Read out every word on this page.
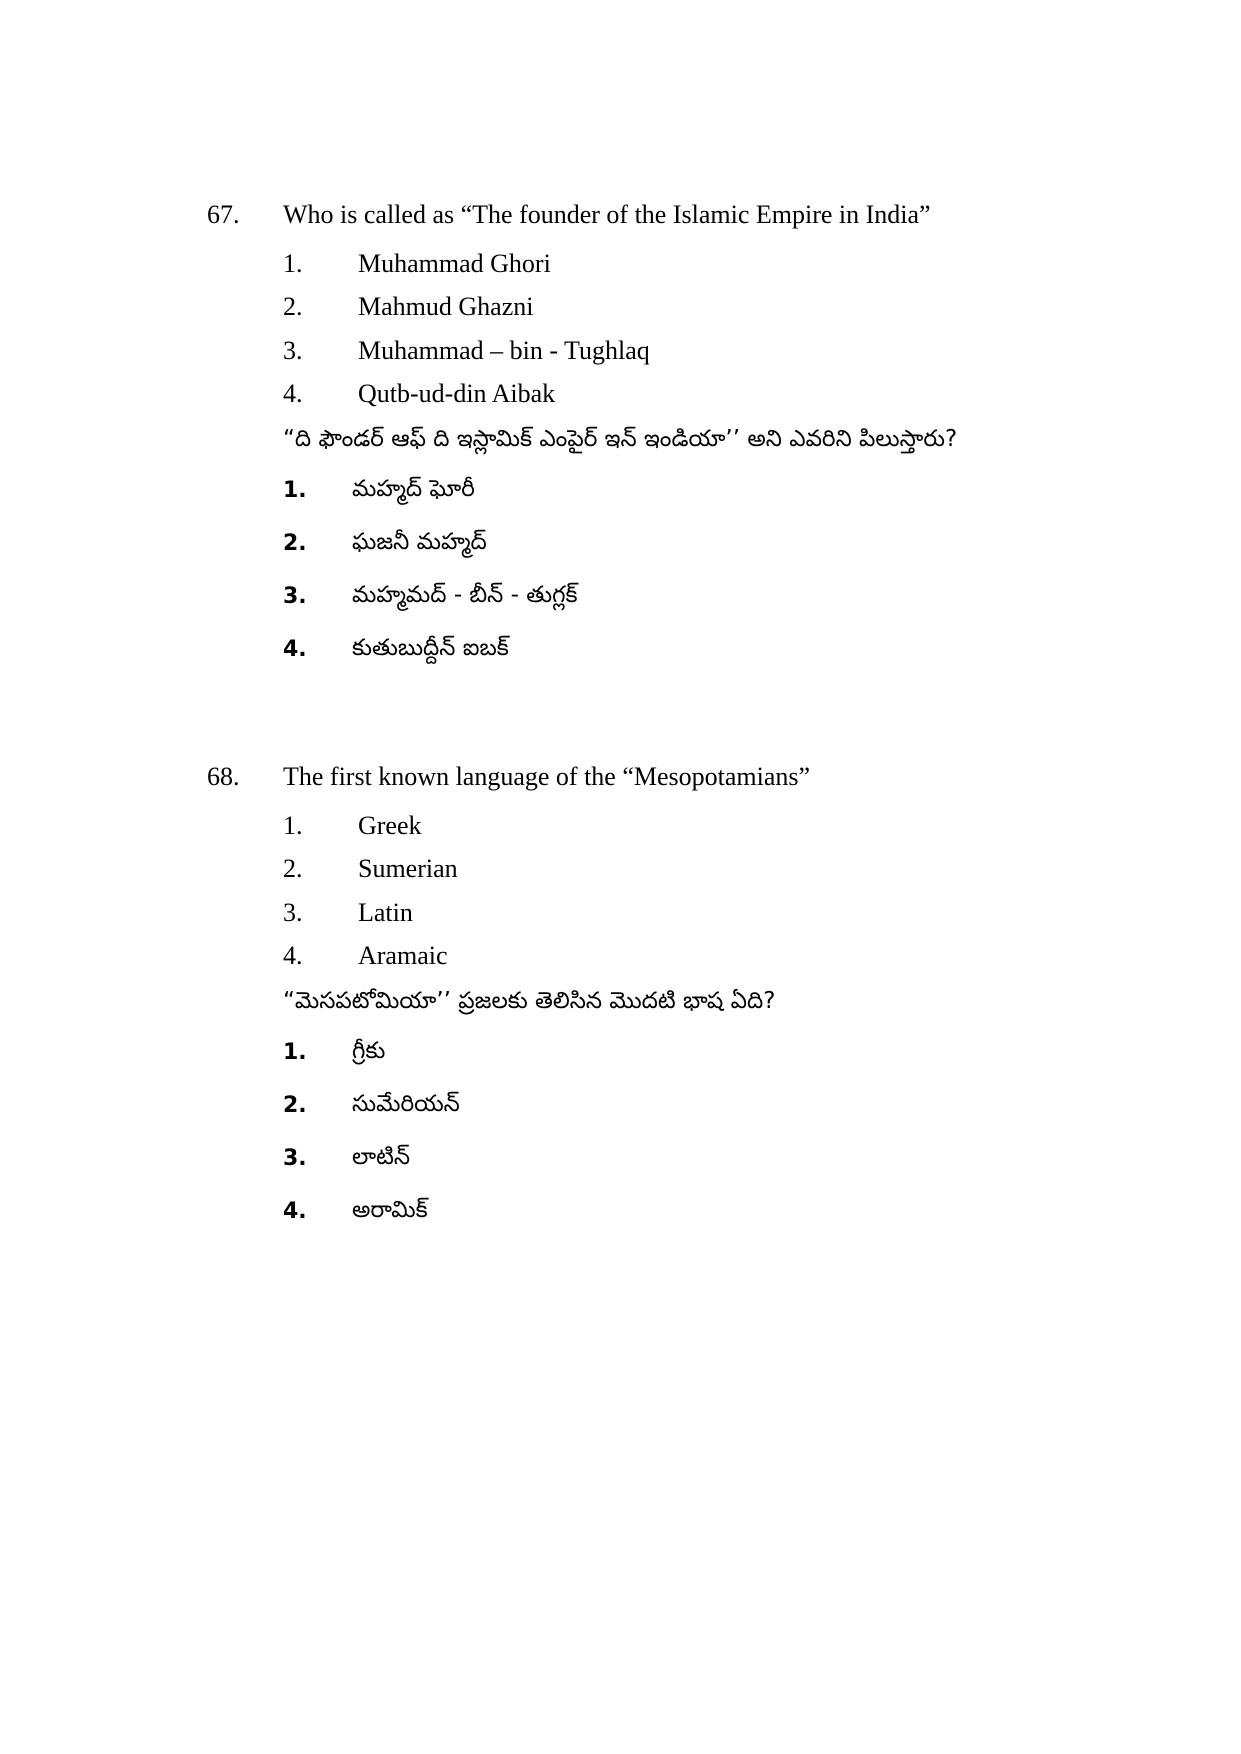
67. Who is called as “The founder of the Islamic Empire in India”
1. Muhammad Ghori
2. Mahmud Ghazni
3. Muhammad – bin - Tughlaq
4. Qutb-ud-din Aibak
“ది ఫౌండర్ ఆఫ్ ది ఇస్లామిక్ ఎంపైర్ ఇన్ ఇండియా’’ అని ఎవరిని పిలుస్తారు?
1. మహ్మద్ ఘోరీ
2. ఘజనీ మహ్మద్
3. మహ్మమద్ - బీన్ - తుగ్లక్
4. కుతుబుద్దీన్ ఐబక్
68. The first known language of the “Mesopotamians”
1. Greek
2. Sumerian
3. Latin
4. Aramaic
“మెసపటోమియా’’ ప్రజలకు తెలిసిన మొదటి భాష ఏది?
1. గ్రీకు
2. సుమేరియన్
3. లాటిన్
4. అరామిక్
